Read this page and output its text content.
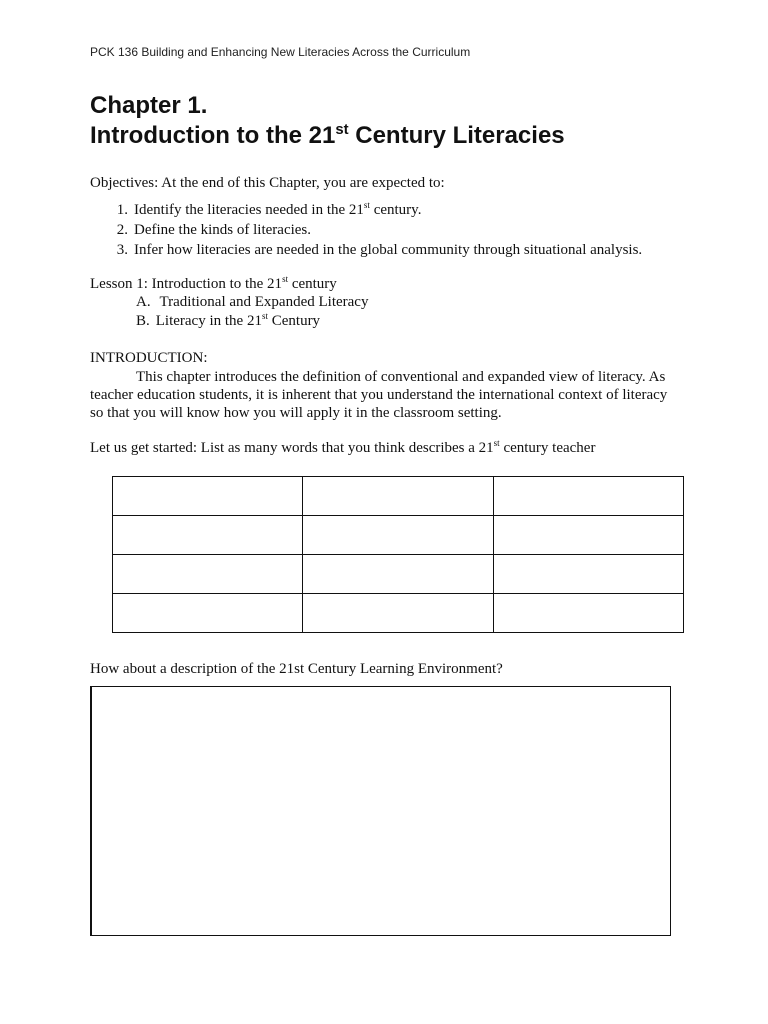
PCK 136 Building and Enhancing New Literacies Across the Curriculum
Chapter 1.
Introduction to the 21st Century Literacies
Objectives: At the end of this Chapter, you are expected to:
1. Identify the literacies needed in the 21st century.
2. Define the kinds of literacies.
3. Infer how literacies are needed in the global community through situational analysis.
Lesson 1: Introduction to the 21st century
A. Traditional and Expanded Literacy
B. Literacy in the 21st Century
INTRODUCTION:
This chapter introduces the definition of conventional and expanded view of literacy. As
teacher education students, it is inherent that you understand the international context of literacy
so that you will know how you will apply it in the classroom setting.
Let us get started: List as many words that you think describes a 21st century teacher

How about a description of the 21st Century Learning Environment?
